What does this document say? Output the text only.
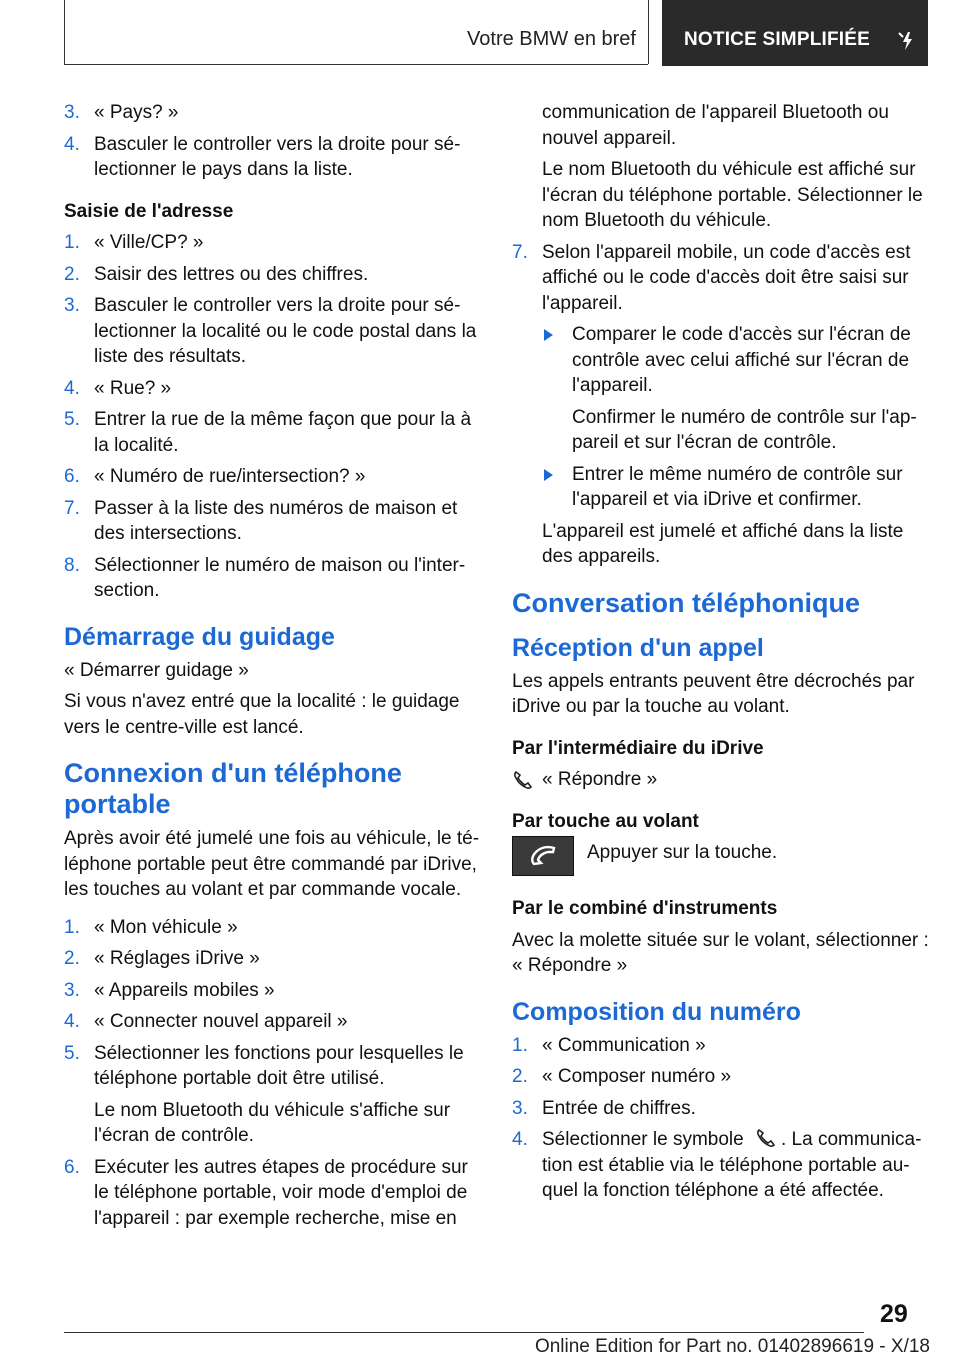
Votre BMW en bref	NOTICE SIMPLIFIÉE
3. « Pays? »
4. Basculer le controller vers la droite pour sélectionner le pays dans la liste.
Saisie de l'adresse
1. « Ville/CP? »
2. Saisir des lettres ou des chiffres.
3. Basculer le controller vers la droite pour sélectionner la localité ou le code postal dans la liste des résultats.
4. « Rue? »
5. Entrer la rue de la même façon que pour la à la localité.
6. « Numéro de rue/intersection? »
7. Passer à la liste des numéros de maison et des intersections.
8. Sélectionner le numéro de maison ou l'intersection.
Démarrage du guidage
« Démarrer guidage »
Si vous n'avez entré que la localité : le guidage vers le centre-ville est lancé.
Connexion d'un téléphone portable
Après avoir été jumelé une fois au véhicule, le téléphone portable peut être commandé par iDrive, les touches au volant et par commande vocale.
1. « Mon véhicule »
2. « Réglages iDrive »
3. « Appareils mobiles »
4. « Connecter nouvel appareil »
5. Sélectionner les fonctions pour lesquelles le téléphone portable doit être utilisé.
Le nom Bluetooth du véhicule s'affiche sur l'écran de contrôle.
6. Exécuter les autres étapes de procédure sur le téléphone portable, voir mode d'emploi de l'appareil : par exemple recherche, mise en
communication de l'appareil Bluetooth ou nouvel appareil.
Le nom Bluetooth du véhicule est affiché sur l'écran du téléphone portable. Sélectionner le nom Bluetooth du véhicule.
7. Selon l'appareil mobile, un code d'accès est affiché ou le code d'accès doit être saisi sur l'appareil.
Comparer le code d'accès sur l'écran de contrôle avec celui affiché sur l'écran de l'appareil.
Confirmer le numéro de contrôle sur l'appareil et sur l'écran de contrôle.
Entrer le même numéro de contrôle sur l'appareil et via iDrive et confirmer.
L'appareil est jumelé et affiché dans la liste des appareils.
Conversation téléphonique
Réception d'un appel
Les appels entrants peuvent être décrochés par iDrive ou par la touche au volant.
Par l'intermédiaire du iDrive
« Répondre »
Par touche au volant
Appuyer sur la touche.
Par le combiné d'instruments
Avec la molette située sur le volant, sélectionner : « Répondre »
Composition du numéro
1. « Communication »
2. « Composer numéro »
3. Entrée de chiffres.
4. Sélectionner le symbole . La communication est établie via le téléphone portable auquel la fonction téléphone a été affectée.
29
Online Edition for Part no. 01402896619 - X/18
